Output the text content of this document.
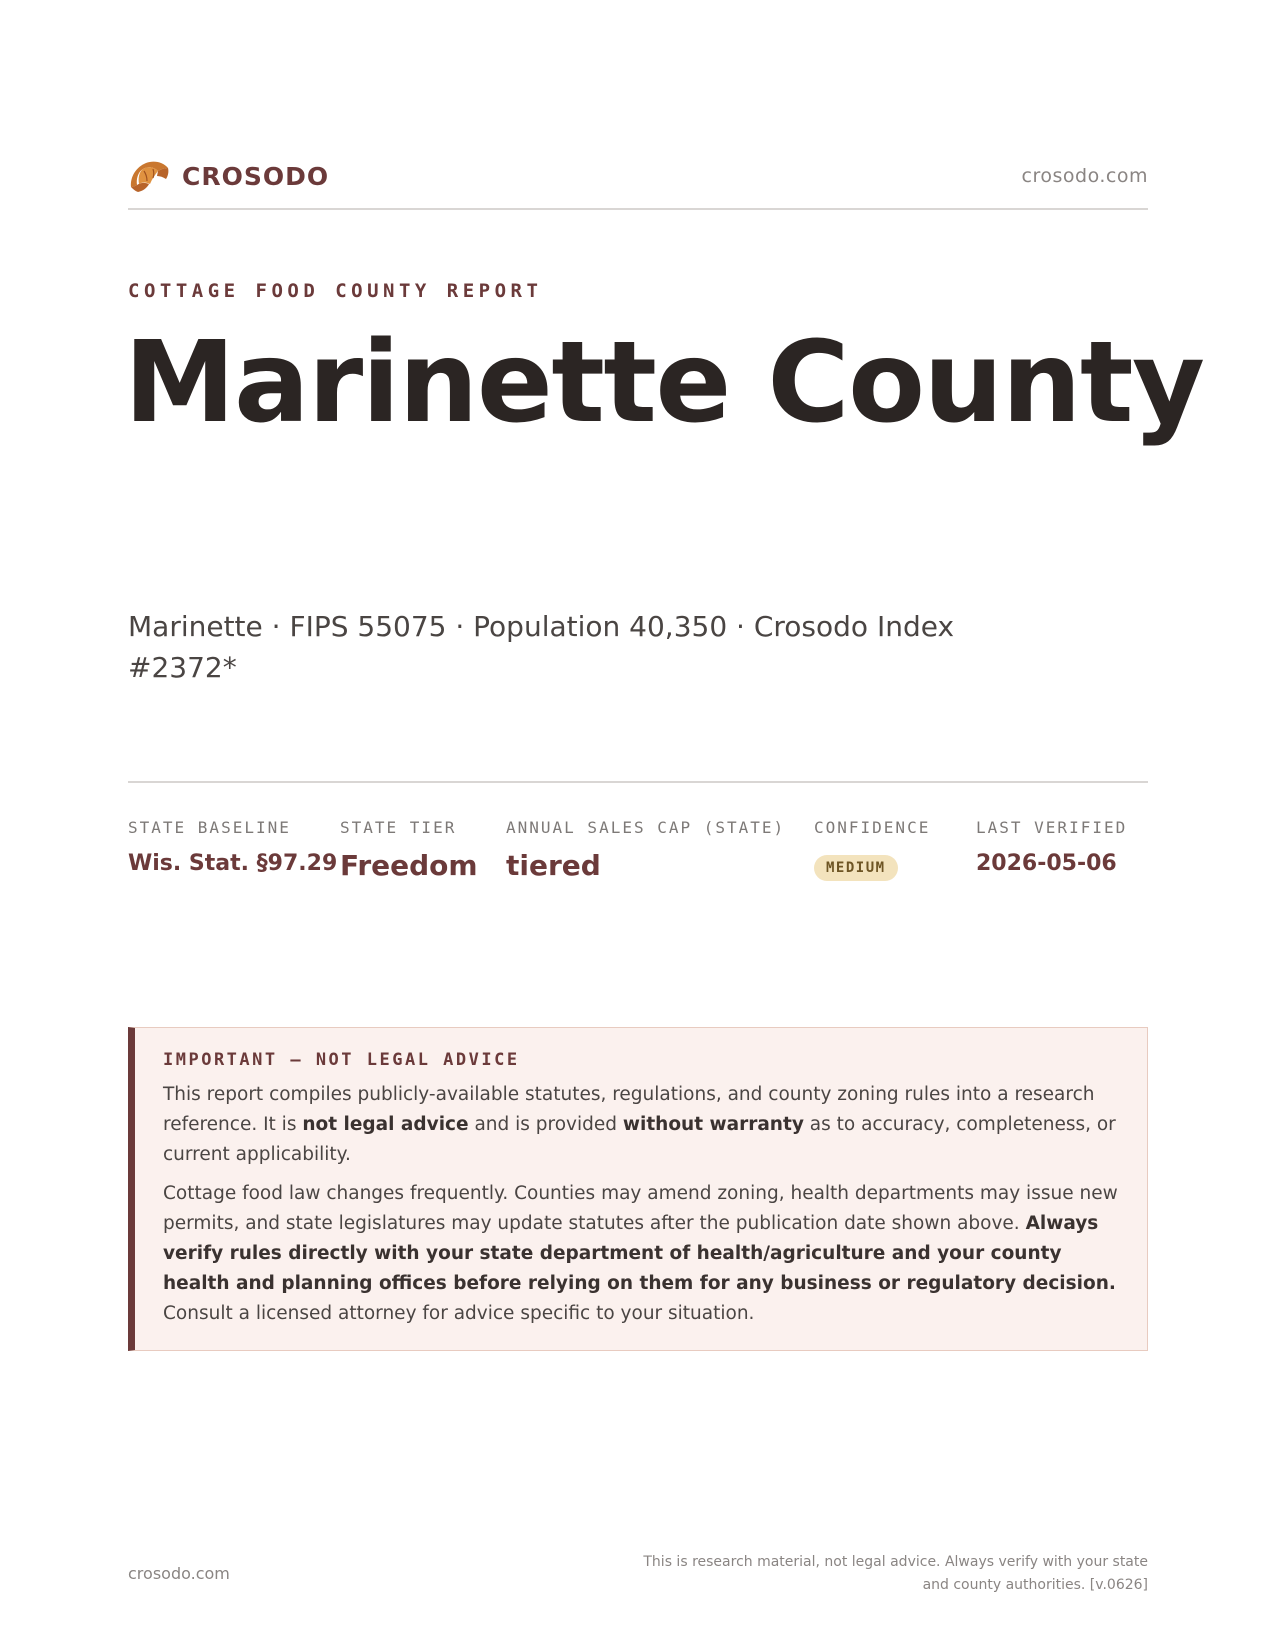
CROSODO	crosodo.com
COTTAGE FOOD COUNTY REPORT
Marinette County
Marinette · FIPS 55075 · Population 40,350 · Crosodo Index #2372*
STATE BASELINE
Wis. Stat. §97.29
STATE TIER
Freedom
ANNUAL SALES CAP (STATE)
tiered
CONFIDENCE
MEDIUM
LAST VERIFIED
2026-05-06
IMPORTANT — NOT LEGAL ADVICE

This report compiles publicly-available statutes, regulations, and county zoning rules into a research reference. It is not legal advice and is provided without warranty as to accuracy, completeness, or current applicability.

Cottage food law changes frequently. Counties may amend zoning, health departments may issue new permits, and state legislatures may update statutes after the publication date shown above. Always verify rules directly with your state department of health/agriculture and your county health and planning offices before relying on them for any business or regulatory decision. Consult a licensed attorney for advice specific to your situation.

crosodo.com
This is research material, not legal advice. Always verify with your state
and county authorities. [v.0626]
